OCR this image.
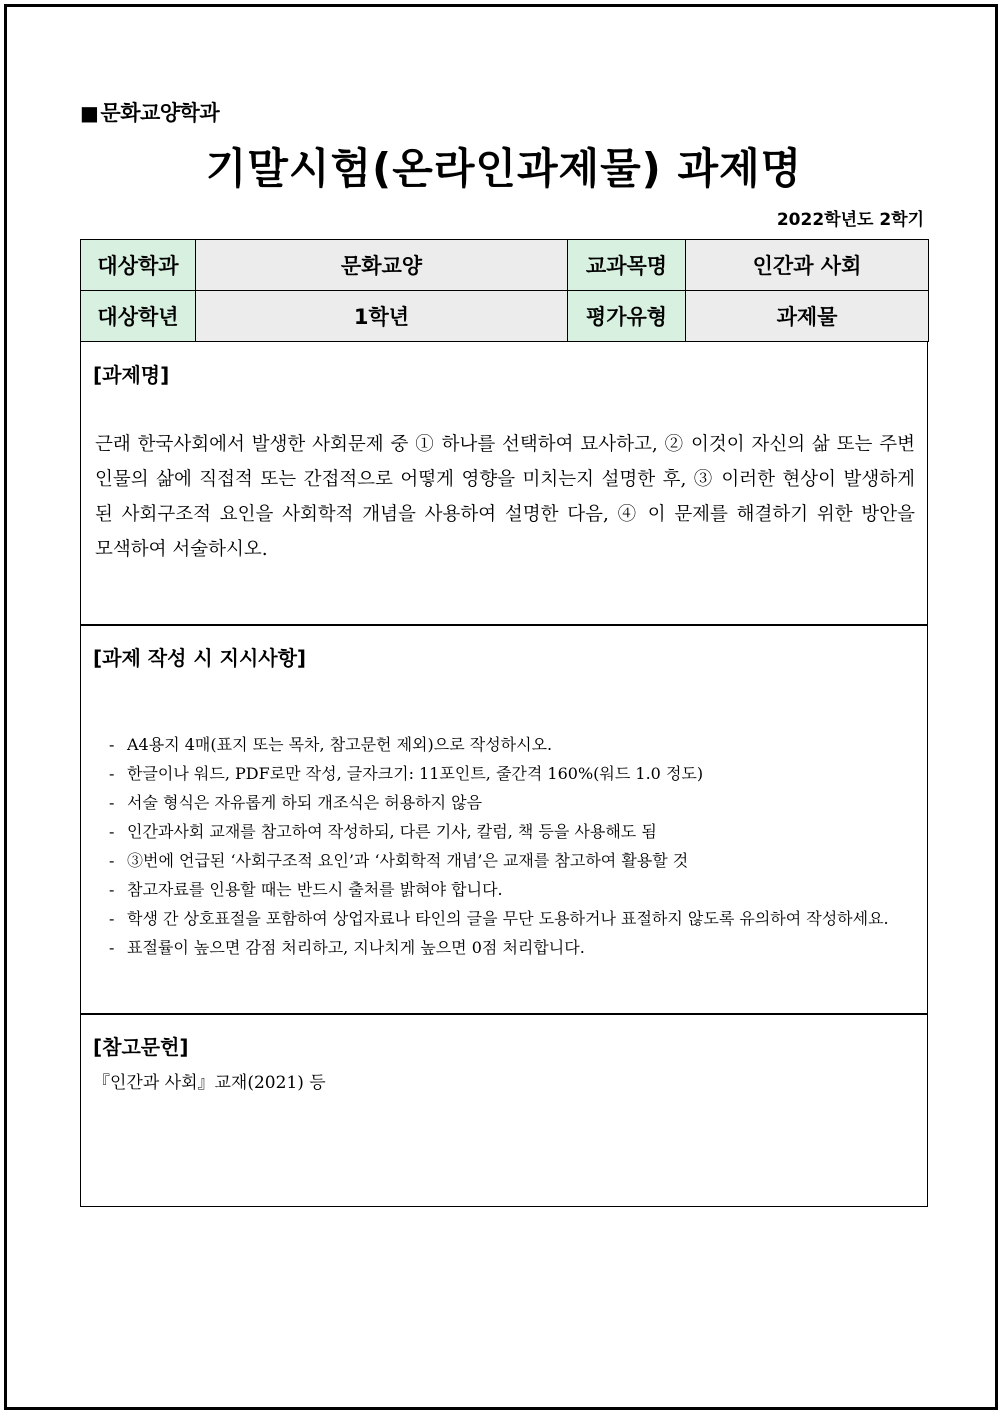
■문화교양학과
기말시험(온라인과제물) 과제명
2022학년도 2학기
대상학과	문화교양	교과목명	인간과 사회
대상학년	1학년	평가유형	과제물
[과제명]
근래 한국사회에서 발생한 사회문제 중 ① 하나를 선택하여 묘사하고, ② 이것이 자신의 삶 또는 주변 인물의 삶에 직접적 또는 간접적으로 어떻게 영향을 미치는지 설명한 후, ③ 이러한 현상이 발생하게 된 사회구조적 요인을 사회학적 개념을 사용하여 설명한 다음, ④ 이 문제를 해결하기 위한 방안을 모색하여 서술하시오.
[과제 작성 시 지시사항]
- A4용지 4매(표지 또는 목차, 참고문헌 제외)으로 작성하시오.
- 한글이나 워드, PDF로만 작성, 글자크기: 11포인트, 줄간격 160%(워드 1.0 정도)
- 서술 형식은 자유롭게 하되 개조식은 허용하지 않음
- 인간과사회 교재를 참고하여 작성하되, 다른 기사, 칼럼, 책 등을 사용해도 됨
- ③번에 언급된 ‘사회구조적 요인’과 ‘사회학적 개념’은 교재를 참고하여 활용할 것
- 참고자료를 인용할 때는 반드시 출처를 밝혀야 합니다.
- 학생 간 상호표절을 포함하여 상업자료나 타인의 글을 무단 도용하거나 표절하지 않도록 유의하여 작성하세요.
- 표절률이 높으면 감점 처리하고, 지나치게 높으면 0점 처리합니다.
[참고문헌]
『인간과 사회』교재(2021) 등
